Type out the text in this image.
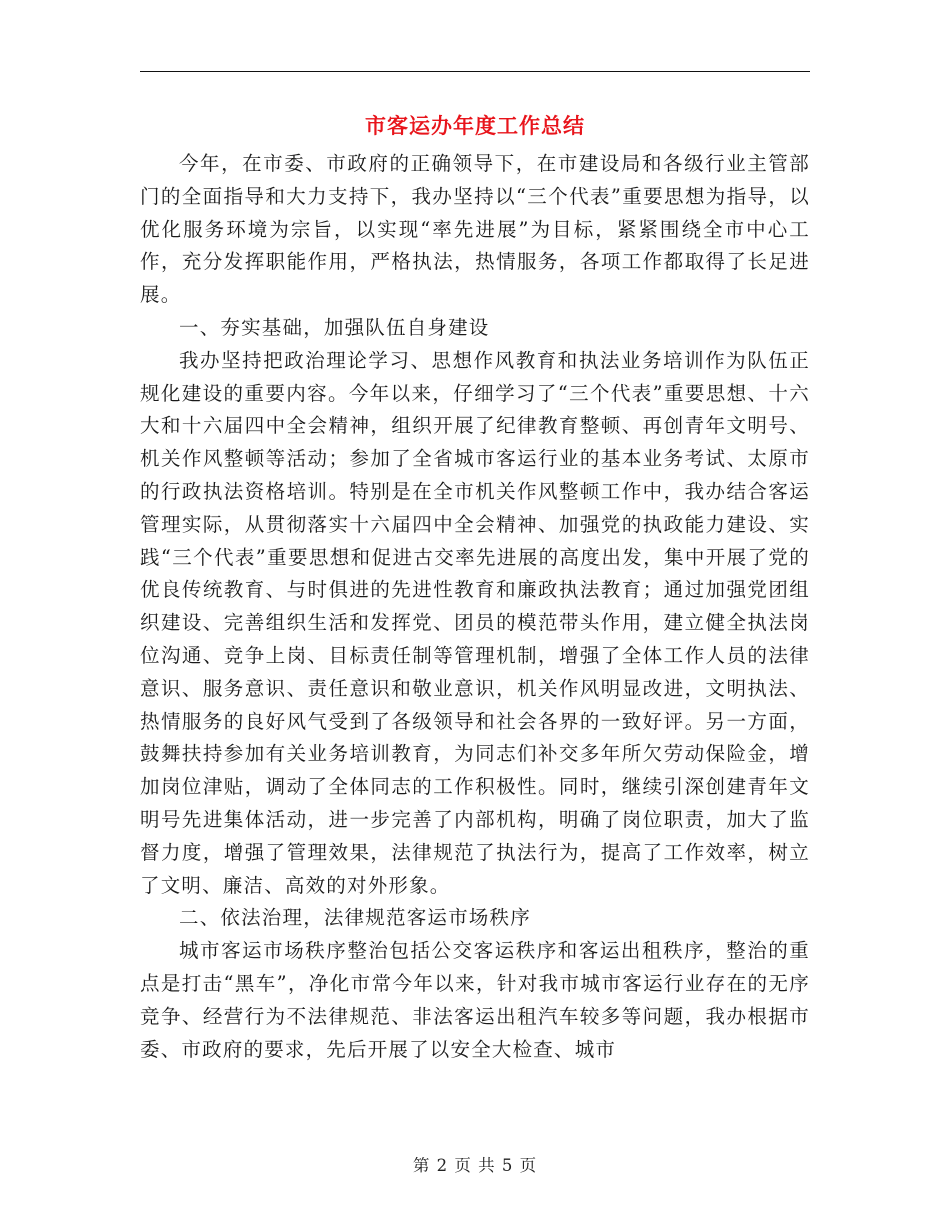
市客运办年度工作总结

今年，在市委、市政府的正确领导下，在市建设局和各级行业主管部门的全面指导和大力支持下，我办坚持以“三个代表”重要思想为指导，以优化服务环境为宗旨，以实现“率先进展”为目标，紧紧围绕全市中心工作，充分发挥职能作用，严格执法，热情服务，各项工作都取得了长足进展。

一、夯实基础，加强队伍自身建设

我办坚持把政治理论学习、思想作风教育和执法业务培训作为队伍正规化建设的重要内容。今年以来，仔细学习了“三个代表”重要思想、十六大和十六届四中全会精神，组织开展了纪律教育整顿、再创青年文明号、机关作风整顿等活动；参加了全省城市客运行业的基本业务考试、太原市的行政执法资格培训。特别是在全市机关作风整顿工作中，我办结合客运管理实际，从贯彻落实十六届四中全会精神、加强党的执政能力建设、实践“三个代表”重要思想和促进古交率先进展的高度出发，集中开展了党的优良传统教育、与时俱进的先进性教育和廉政执法教育；通过加强党团组织建设、完善组织生活和发挥党、团员的模范带头作用，建立健全执法岗位沟通、竞争上岗、目标责任制等管理机制，增强了全体工作人员的法律意识、服务意识、责任意识和敬业意识，机关作风明显改进，文明执法、热情服务的良好风气受到了各级领导和社会各界的一致好评。另一方面，鼓舞扶持参加有关业务培训教育，为同志们补交多年所欠劳动保险金，增加岗位津贴，调动了全体同志的工作积极性。同时，继续引深创建青年文明号先进集体活动，进一步完善了内部机构，明确了岗位职责，加大了监督力度，增强了管理效果，法律规范了执法行为，提高了工作效率，树立了文明、廉洁、高效的对外形象。

二、依法治理，法律规范客运市场秩序

城市客运市场秩序整治包括公交客运秩序和客运出租秩序，整治的重点是打击“黑车”，净化市常今年以来，针对我市城市客运行业存在的无序竞争、经营行为不法律规范、非法客运出租汽车较多等问题，我办根据市委、市政府的要求，先后开展了以安全大检查、城市

第 2 页 共 5 页
